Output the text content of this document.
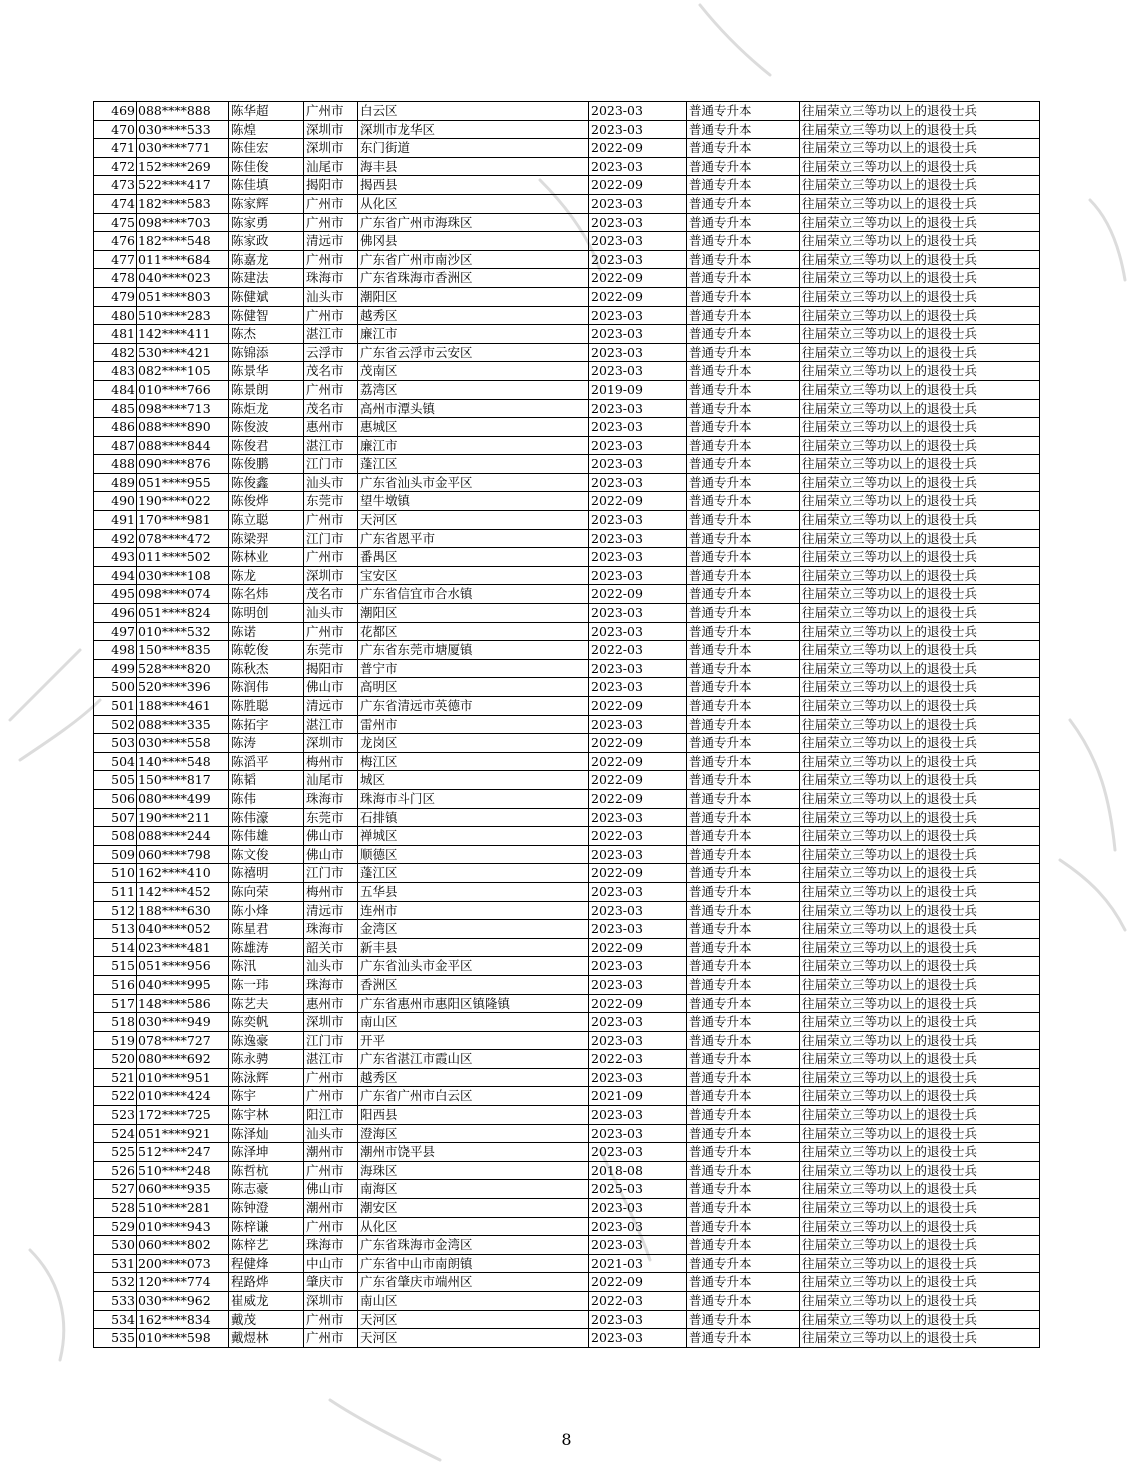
469	088****888	陈华超	广州市	白云区	2023-03	普通专升本	往届荣立三等功以上的退役士兵
470	030****533	陈煌	深圳市	深圳市龙华区	2023-03	普通专升本	往届荣立三等功以上的退役士兵
471	030****771	陈佳宏	深圳市	东门街道	2022-09	普通专升本	往届荣立三等功以上的退役士兵
472	152****269	陈佳俊	汕尾市	海丰县	2023-03	普通专升本	往届荣立三等功以上的退役士兵
473	522****417	陈佳填	揭阳市	揭西县	2022-09	普通专升本	往届荣立三等功以上的退役士兵
474	182****583	陈家辉	广州市	从化区	2023-03	普通专升本	往届荣立三等功以上的退役士兵
475	098****703	陈家勇	广州市	广东省广州市海珠区	2023-03	普通专升本	往届荣立三等功以上的退役士兵
476	182****548	陈家政	清远市	佛冈县	2023-03	普通专升本	往届荣立三等功以上的退役士兵
477	011****684	陈嘉龙	广州市	广东省广州市南沙区	2023-03	普通专升本	往届荣立三等功以上的退役士兵
478	040****023	陈建法	珠海市	广东省珠海市香洲区	2022-09	普通专升本	往届荣立三等功以上的退役士兵
479	051****803	陈健斌	汕头市	潮阳区	2022-09	普通专升本	往届荣立三等功以上的退役士兵
480	510****283	陈健智	广州市	越秀区	2023-03	普通专升本	往届荣立三等功以上的退役士兵
481	142****411	陈杰	湛江市	廉江市	2023-03	普通专升本	往届荣立三等功以上的退役士兵
482	530****421	陈锦添	云浮市	广东省云浮市云安区	2023-03	普通专升本	往届荣立三等功以上的退役士兵
483	082****105	陈景华	茂名市	茂南区	2023-03	普通专升本	往届荣立三等功以上的退役士兵
484	010****766	陈景朗	广州市	荔湾区	2019-09	普通专升本	往届荣立三等功以上的退役士兵
485	098****713	陈炬龙	茂名市	高州市潭头镇	2023-03	普通专升本	往届荣立三等功以上的退役士兵
486	088****890	陈俊波	惠州市	惠城区	2023-03	普通专升本	往届荣立三等功以上的退役士兵
487	088****844	陈俊君	湛江市	廉江市	2023-03	普通专升本	往届荣立三等功以上的退役士兵
488	090****876	陈俊鹏	江门市	蓬江区	2023-03	普通专升本	往届荣立三等功以上的退役士兵
489	051****955	陈俊鑫	汕头市	广东省汕头市金平区	2023-03	普通专升本	往届荣立三等功以上的退役士兵
490	190****022	陈俊烨	东莞市	望牛墩镇	2022-09	普通专升本	往届荣立三等功以上的退役士兵
491	170****981	陈立聪	广州市	天河区	2023-03	普通专升本	往届荣立三等功以上的退役士兵
492	078****472	陈梁羿	江门市	广东省恩平市	2023-03	普通专升本	往届荣立三等功以上的退役士兵
493	011****502	陈林业	广州市	番禺区	2023-03	普通专升本	往届荣立三等功以上的退役士兵
494	030****108	陈龙	深圳市	宝安区	2023-03	普通专升本	往届荣立三等功以上的退役士兵
495	098****074	陈名炜	茂名市	广东省信宜市合水镇	2022-09	普通专升本	往届荣立三等功以上的退役士兵
496	051****824	陈明创	汕头市	潮阳区	2023-03	普通专升本	往届荣立三等功以上的退役士兵
497	010****532	陈诺	广州市	花都区	2023-03	普通专升本	往届荣立三等功以上的退役士兵
498	150****835	陈乾俊	东莞市	广东省东莞市塘厦镇	2022-03	普通专升本	往届荣立三等功以上的退役士兵
499	528****820	陈秋杰	揭阳市	普宁市	2023-03	普通专升本	往届荣立三等功以上的退役士兵
500	520****396	陈润伟	佛山市	高明区	2023-03	普通专升本	往届荣立三等功以上的退役士兵
501	188****461	陈胜聪	清远市	广东省清远市英德市	2022-09	普通专升本	往届荣立三等功以上的退役士兵
502	088****335	陈拓宇	湛江市	雷州市	2023-03	普通专升本	往届荣立三等功以上的退役士兵
503	030****558	陈涛	深圳市	龙岗区	2022-09	普通专升本	往届荣立三等功以上的退役士兵
504	140****548	陈滔平	梅州市	梅江区	2022-09	普通专升本	往届荣立三等功以上的退役士兵
505	150****817	陈韬	汕尾市	城区	2022-09	普通专升本	往届荣立三等功以上的退役士兵
506	080****499	陈伟	珠海市	珠海市斗门区	2022-09	普通专升本	往届荣立三等功以上的退役士兵
507	190****211	陈伟濠	东莞市	石排镇	2023-03	普通专升本	往届荣立三等功以上的退役士兵
508	088****244	陈伟雄	佛山市	禅城区	2022-03	普通专升本	往届荣立三等功以上的退役士兵
509	060****798	陈文俊	佛山市	顺德区	2023-03	普通专升本	往届荣立三等功以上的退役士兵
510	162****410	陈禧明	江门市	蓬江区	2022-09	普通专升本	往届荣立三等功以上的退役士兵
511	142****452	陈向荣	梅州市	五华县	2023-03	普通专升本	往届荣立三等功以上的退役士兵
512	188****630	陈小烽	清远市	连州市	2023-03	普通专升本	往届荣立三等功以上的退役士兵
513	040****052	陈星君	珠海市	金湾区	2023-03	普通专升本	往届荣立三等功以上的退役士兵
514	023****481	陈雄涛	韶关市	新丰县	2022-09	普通专升本	往届荣立三等功以上的退役士兵
515	051****956	陈汛	汕头市	广东省汕头市金平区	2023-03	普通专升本	往届荣立三等功以上的退役士兵
516	040****995	陈一玮	珠海市	香洲区	2023-03	普通专升本	往届荣立三等功以上的退役士兵
517	148****586	陈艺夫	惠州市	广东省惠州市惠阳区镇隆镇	2022-09	普通专升本	往届荣立三等功以上的退役士兵
518	030****949	陈奕帆	深圳市	南山区	2023-03	普通专升本	往届荣立三等功以上的退役士兵
519	078****727	陈逸豪	江门市	开平	2023-03	普通专升本	往届荣立三等功以上的退役士兵
520	080****692	陈永骋	湛江市	广东省湛江市霞山区	2022-03	普通专升本	往届荣立三等功以上的退役士兵
521	010****951	陈泳辉	广州市	越秀区	2023-03	普通专升本	往届荣立三等功以上的退役士兵
522	010****424	陈宇	广州市	广东省广州市白云区	2021-09	普通专升本	往届荣立三等功以上的退役士兵
523	172****725	陈宇林	阳江市	阳西县	2023-03	普通专升本	往届荣立三等功以上的退役士兵
524	051****921	陈泽灿	汕头市	澄海区	2023-03	普通专升本	往届荣立三等功以上的退役士兵
525	512****247	陈泽坤	潮州市	潮州市饶平县	2023-03	普通专升本	往届荣立三等功以上的退役士兵
526	510****248	陈哲杭	广州市	海珠区	2018-08	普通专升本	往届荣立三等功以上的退役士兵
527	060****935	陈志豪	佛山市	南海区	2025-03	普通专升本	往届荣立三等功以上的退役士兵
528	510****281	陈钟澄	潮州市	潮安区	2023-03	普通专升本	往届荣立三等功以上的退役士兵
529	010****943	陈梓谦	广州市	从化区	2023-03	普通专升本	往届荣立三等功以上的退役士兵
530	060****802	陈梓艺	珠海市	广东省珠海市金湾区	2023-03	普通专升本	往届荣立三等功以上的退役士兵
531	200****073	程健烽	中山市	广东省中山市南朗镇	2021-03	普通专升本	往届荣立三等功以上的退役士兵
532	120****774	程路烨	肇庆市	广东省肇庆市端州区	2022-09	普通专升本	往届荣立三等功以上的退役士兵
533	030****962	崔威龙	深圳市	南山区	2022-03	普通专升本	往届荣立三等功以上的退役士兵
534	162****834	戴茂	广州市	天河区	2023-03	普通专升本	往届荣立三等功以上的退役士兵
535	010****598	戴煜林	广州市	天河区	2023-03	普通专升本	往届荣立三等功以上的退役士兵
8
